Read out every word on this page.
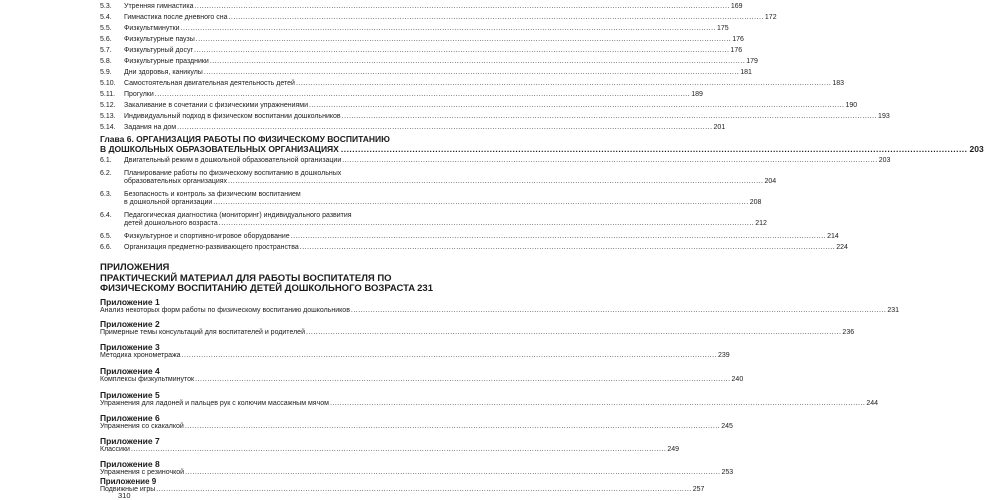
5.3.	Утренняя гимнастика .....	169
5.4.	Гимнастика после дневного сна .....	172
5.5.	Физкультминутки .....	175
5.6.	Физкультурные паузы .....	176
5.7.	Физкультурный досуг .....	176
5.8.	Физкультурные праздники .....	179
5.9.	Дни здоровья, каникулы .....	181
5.10.	Самостоятельная двигательная деятельность детей .....	183
5.11.	Прогулки .....	189
5.12.	Закаливание в сочетании с физическими упражнениями .....	190
5.13.	Индивидуальный подход в физическом воспитании дошкольников .....	193
5.14.	Задания на дом .....	201
Глава 6. ОРГАНИЗАЦИЯ РАБОТЫ ПО ФИЗИЧЕСКОМУ ВОСПИТАНИЮ
В ДОШКОЛЬНЫХ ОБРАЗОВАТЕЛЬНЫХ ОРГАНИЗАЦИЯХ .....	203
6.1.	Двигательный режим в дошкольной образовательной организации .....	203
6.2.	Планирование работы по физическому воспитанию в дошкольных
образовательных организациях .....	204
6.3.	Безопасность и контроль за физическим воспитанием
в дошкольной организации .....	208
6.4.	Педагогическая диагностика (мониторинг) индивидуального развития
детей дошкольного возраста .....	212
6.5.	Физкультурное и спортивно-игровое оборудование .....	214
6.6.	Организация предметно-развивающего пространства .....	224
ПРИЛОЖЕНИЯ
ПРАКТИЧЕСКИЙ МАТЕРИАЛ ДЛЯ РАБОТЫ ВОСПИТАТЕЛЯ ПО
ФИЗИЧЕСКОМУ ВОСПИТАНИЮ ДЕТЕЙ ДОШКОЛЬНОГО ВОЗРАСТА 231
Приложение 1
Анализ некоторых форм работы по физическому воспитанию дошкольников .....	231
Приложение 2
Примерные темы консультаций для воспитателей и родителей .....	236
Приложение 3
Методика хронометража .....	239
Приложение 4
Комплексы физкультминуток .....	240
Приложение 5
Упражнения для ладоней и пальцев рук с колючим массажным мячом .....	244
Приложение 6
Упражнения со скакалкой .....	245
Приложение 7
Классики .....	249
Приложение 8
Упражнения с резиночкой .....	253
Приложение 9
Подвижные игры .....	257
310
